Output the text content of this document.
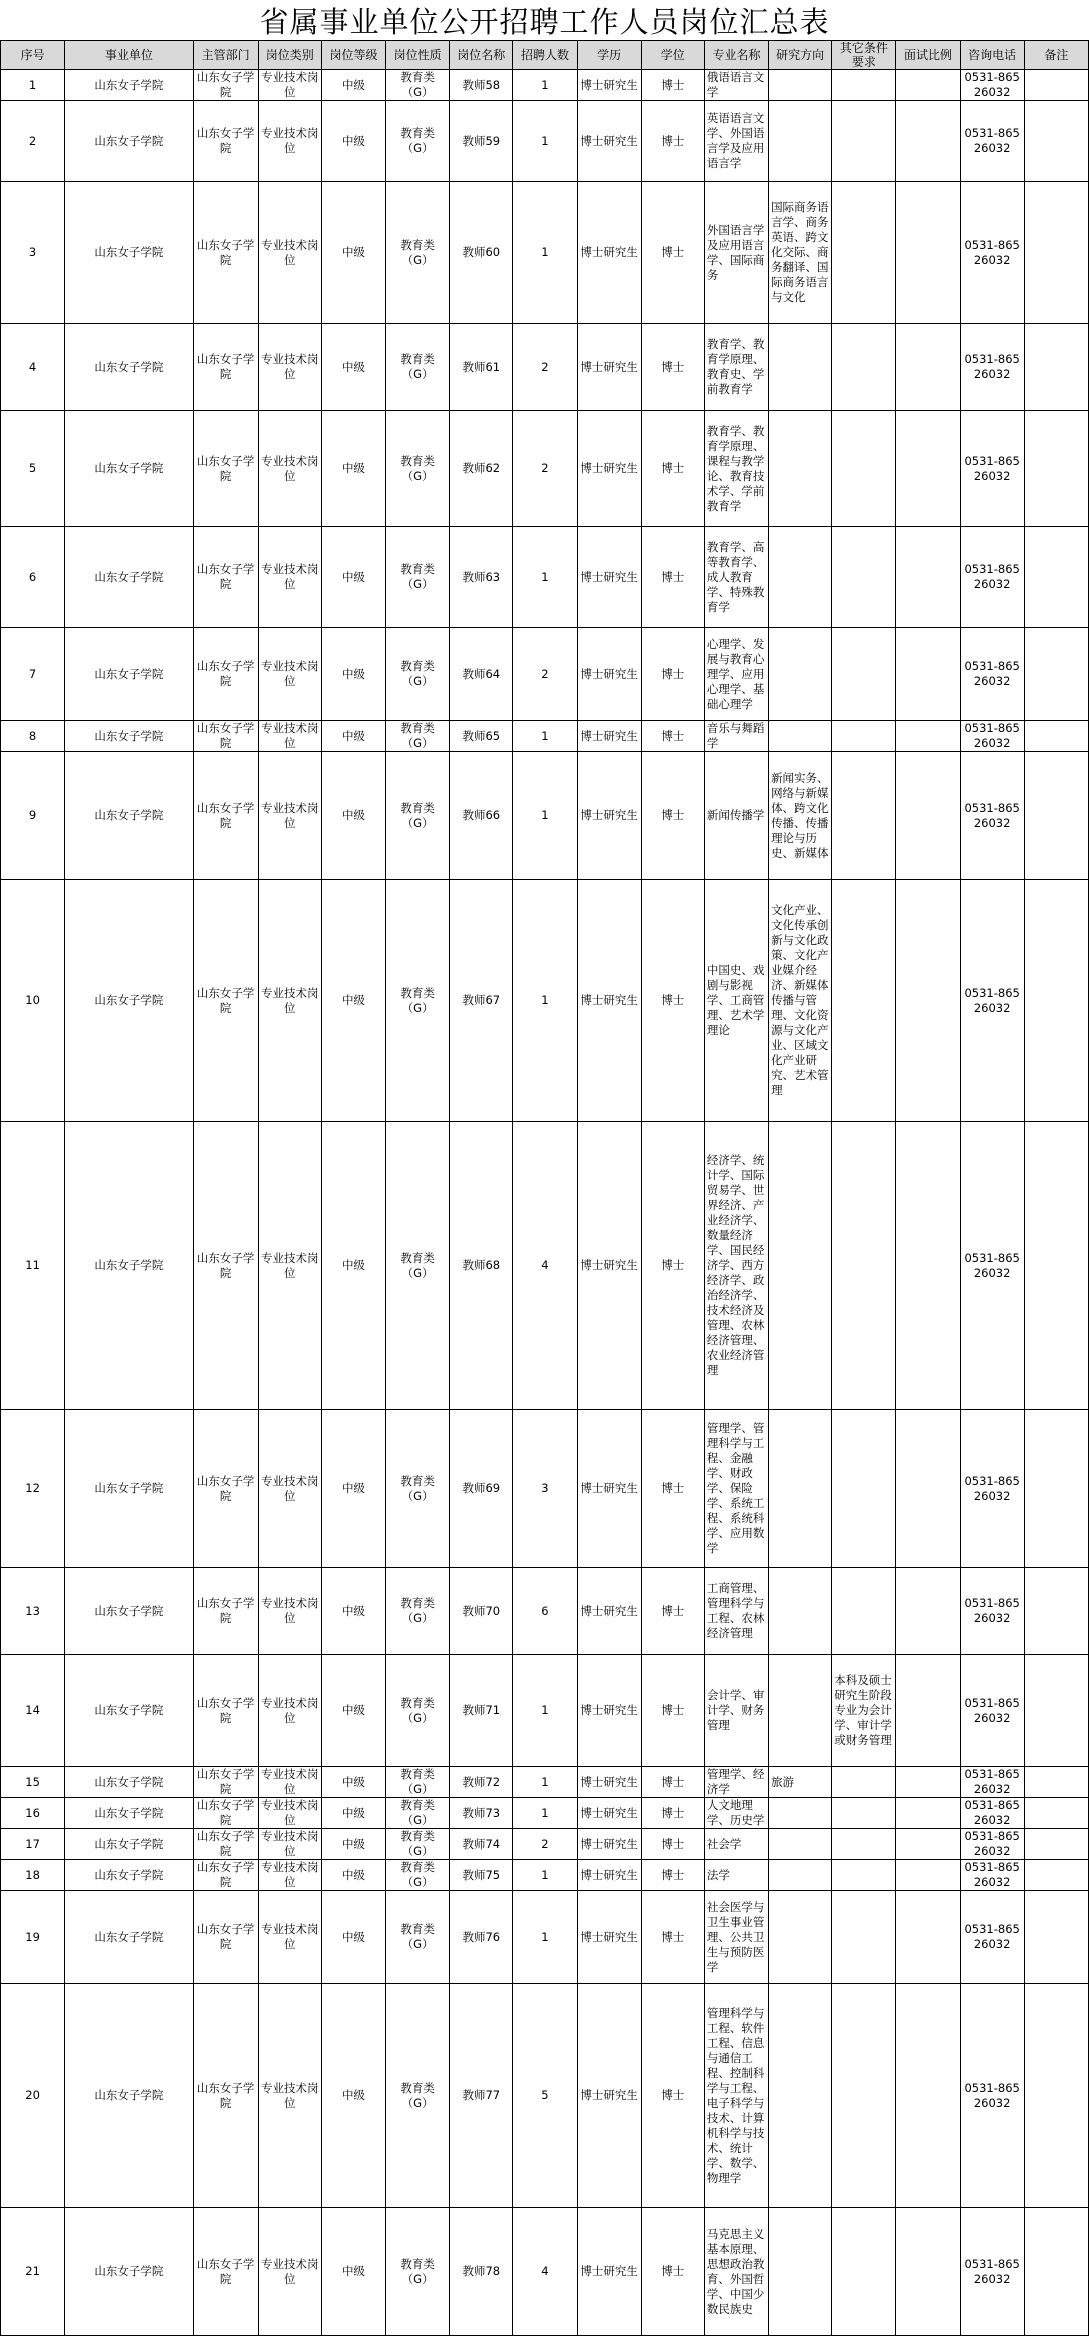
省属事业单位公开招聘工作人员岗位汇总表
序号	事业单位	主管部门	岗位类别	岗位等级	岗位性质	岗位名称	招聘人数	学历	学位	专业名称	研究方向	其它条件要求	面试比例	咨询电话	备注
1	山东女子学院	山东女子学院	专业技术岗位	中级	教育类（G）	教师58	1	博士研究生	博士	俄语语言文学				0531-86526032	
2	山东女子学院	山东女子学院	专业技术岗位	中级	教育类（G）	教师59	1	博士研究生	博士	英语语言文学、外国语言学及应用语言学				0531-86526032	
3	山东女子学院	山东女子学院	专业技术岗位	中级	教育类（G）	教师60	1	博士研究生	博士	外国语言学及应用语言学、国际商务	国际商务语言学、商务英语、跨文化交际、商务翻译、国际商务语言与文化			0531-86526032	
4	山东女子学院	山东女子学院	专业技术岗位	中级	教育类（G）	教师61	2	博士研究生	博士	教育学、教育学原理、教育史、学前教育学				0531-86526032	
5	山东女子学院	山东女子学院	专业技术岗位	中级	教育类（G）	教师62	2	博士研究生	博士	教育学、教育学原理、课程与教学论、教育技术学、学前教育学				0531-86526032	
6	山东女子学院	山东女子学院	专业技术岗位	中级	教育类（G）	教师63	1	博士研究生	博士	教育学、高等教育学、成人教育学、特殊教育学				0531-86526032	
7	山东女子学院	山东女子学院	专业技术岗位	中级	教育类（G）	教师64	2	博士研究生	博士	心理学、发展与教育心理学、应用心理学、基础心理学				0531-86526032	
8	山东女子学院	山东女子学院	专业技术岗位	中级	教育类（G）	教师65	1	博士研究生	博士	音乐与舞蹈学				0531-86526032	
9	山东女子学院	山东女子学院	专业技术岗位	中级	教育类（G）	教师66	1	博士研究生	博士	新闻传播学	新闻实务、网络与新媒体、跨文化传播、传播理论与历史、新媒体			0531-86526032	
10	山东女子学院	山东女子学院	专业技术岗位	中级	教育类（G）	教师67	1	博士研究生	博士	中国史、戏剧与影视学、工商管理、艺术学理论	文化产业、文化传承创新与文化政策、文化产业媒介经济、新媒体传播与管理、文化资源与文化产业、区域文化产业研究、艺术管理			0531-86526032	
11	山东女子学院	山东女子学院	专业技术岗位	中级	教育类（G）	教师68	4	博士研究生	博士	经济学、统计学、国际贸易学、世界经济、产业经济学、数量经济学、国民经济学、西方经济学、政治经济学、技术经济及管理、农林经济管理、农业经济管理				0531-86526032	
12	山东女子学院	山东女子学院	专业技术岗位	中级	教育类（G）	教师69	3	博士研究生	博士	管理学、管理科学与工程、金融学、财政学、保险学、系统工程、系统科学、应用数学				0531-86526032	
13	山东女子学院	山东女子学院	专业技术岗位	中级	教育类（G）	教师70	6	博士研究生	博士	工商管理、管理科学与工程、农林经济管理				0531-86526032	
14	山东女子学院	山东女子学院	专业技术岗位	中级	教育类（G）	教师71	1	博士研究生	博士	会计学、审计学、财务管理		本科及硕士研究生阶段专业为会计学、审计学或财务管理		0531-86526032	
15	山东女子学院	山东女子学院	专业技术岗位	中级	教育类（G）	教师72	1	博士研究生	博士	管理学、经济学	旅游			0531-86526032	
16	山东女子学院	山东女子学院	专业技术岗位	中级	教育类（G）	教师73	1	博士研究生	博士	人文地理学、历史学				0531-86526032	
17	山东女子学院	山东女子学院	专业技术岗位	中级	教育类（G）	教师74	2	博士研究生	博士	社会学				0531-86526032	
18	山东女子学院	山东女子学院	专业技术岗位	中级	教育类（G）	教师75	1	博士研究生	博士	法学				0531-86526032	
19	山东女子学院	山东女子学院	专业技术岗位	中级	教育类（G）	教师76	1	博士研究生	博士	社会医学与卫生事业管理、公共卫生与预防医学				0531-86526032	
20	山东女子学院	山东女子学院	专业技术岗位	中级	教育类（G）	教师77	5	博士研究生	博士	管理科学与工程、软件工程、信息与通信工程、控制科学与工程、电子科学与技术、计算机科学与技术、统计学、数学、物理学				0531-86526032	
21	山东女子学院	山东女子学院	专业技术岗位	中级	教育类（G）	教师78	4	博士研究生	博士	马克思主义基本原理、思想政治教育、外国哲学、中国少数民族史				0531-86526032	
